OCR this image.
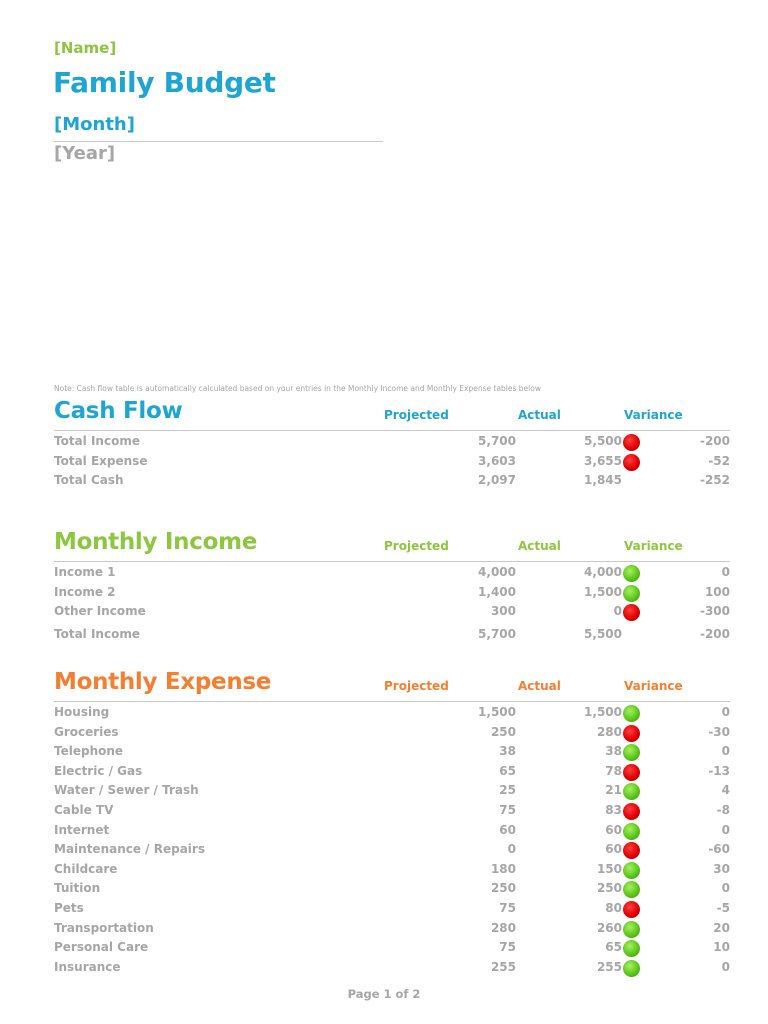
[Name]
Family Budget
[Month]
[Year]
Note: Cash flow table is automatically calculated based on your entries in the Monthly Income and Monthly Expense tables below
Cash Flow	Projected	Actual	Variance
Total Income	5,700	5,500	-200
Total Expense	3,603	3,655	-52
Total Cash	2,097	1,845	-252
Monthly Income	Projected	Actual	Variance
Income 1	4,000	4,000	0
Income 2	1,400	1,500	100
Other Income	300	0	-300
Total Income	5,700	5,500	-200
Monthly Expense	Projected	Actual	Variance
Housing	1,500	1,500	0
Groceries	250	280	-30
Telephone	38	38	0
Electric / Gas	65	78	-13
Water / Sewer / Trash	25	21	4
Cable TV	75	83	-8
Internet	60	60	0
Maintenance / Repairs	0	60	-60
Childcare	180	150	30
Tuition	250	250	0
Pets	75	80	-5
Transportation	280	260	20
Personal Care	75	65	10
Insurance	255	255	0
Page 1 of 2
